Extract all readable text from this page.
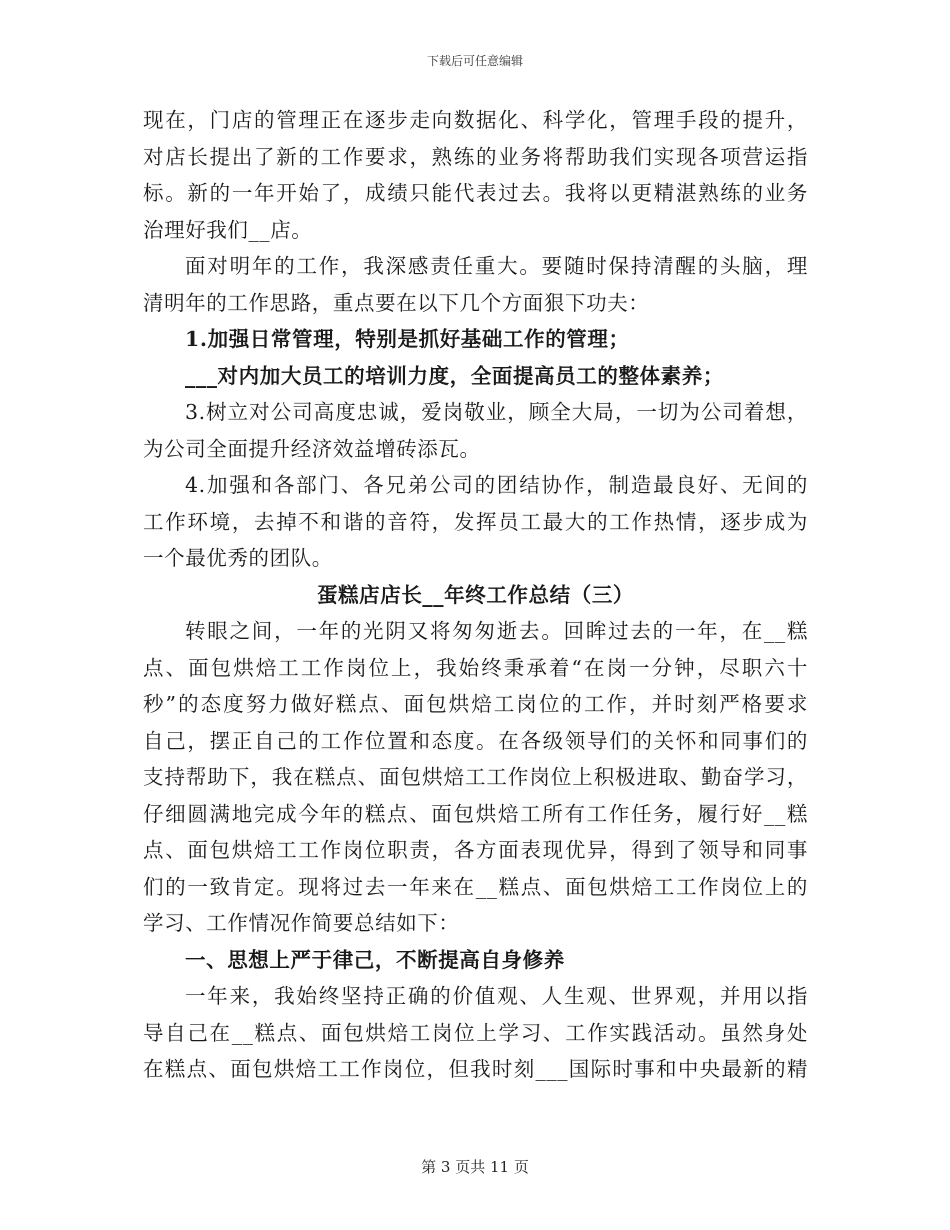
下载后可任意编辑
现在，门店的管理正在逐步走向数据化、科学化，管理手段的提升，
对店长提出了新的工作要求，熟练的业务将帮助我们实现各项营运指
标。新的一年开始了，成绩只能代表过去。我将以更精湛熟练的业务
治理好我们__店。
面对明年的工作，我深感责任重大。要随时保持清醒的头脑，理
清明年的工作思路，重点要在以下几个方面狠下功夫：
1.加强日常管理，特别是抓好基础工作的管理；
___对内加大员工的培训力度，全面提高员工的整体素养；
3.树立对公司高度忠诚，爱岗敬业，顾全大局，一切为公司着想，
为公司全面提升经济效益增砖添瓦。
4.加强和各部门、各兄弟公司的团结协作，制造最良好、无间的
工作环境，去掉不和谐的音符，发挥员工最大的工作热情，逐步成为
一个最优秀的团队。
蛋糕店店长__年终工作总结（三）
转眼之间，一年的光阴又将匆匆逝去。回眸过去的一年，在__糕
点、面包烘焙工工作岗位上，我始终秉承着“在岗一分钟，尽职六十
秒”的态度努力做好糕点、面包烘焙工岗位的工作，并时刻严格要求
自己，摆正自己的工作位置和态度。在各级领导们的关怀和同事们的
支持帮助下，我在糕点、面包烘焙工工作岗位上积极进取、勤奋学习，
仔细圆满地完成今年的糕点、面包烘焙工所有工作任务，履行好__糕
点、面包烘焙工工作岗位职责，各方面表现优异，得到了领导和同事
们的一致肯定。现将过去一年来在__糕点、面包烘焙工工作岗位上的
学习、工作情况作简要总结如下：
一、思想上严于律己，不断提高自身修养
一年来，我始终坚持正确的价值观、人生观、世界观，并用以指
导自己在__糕点、面包烘焙工岗位上学习、工作实践活动。虽然身处
在糕点、面包烘焙工工作岗位，但我时刻___国际时事和中央最新的精
第 3 页共 11 页
